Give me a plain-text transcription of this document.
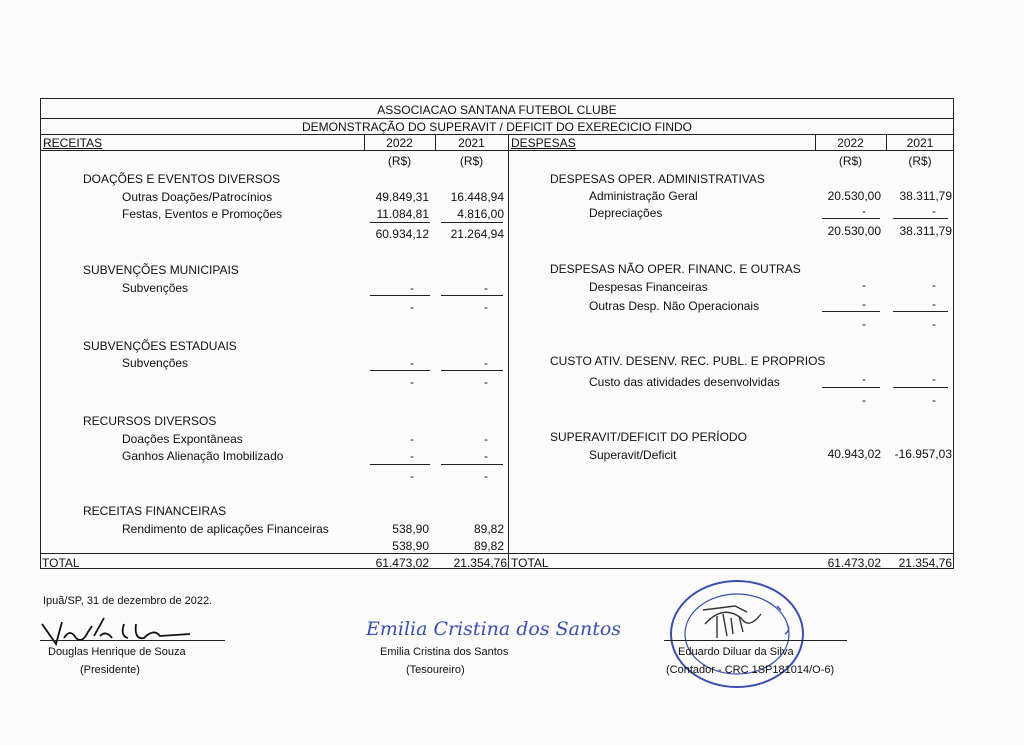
ASSOCIACAO SANTANA FUTEBOL CLUBE
DEMONSTRAÇÃO DO SUPERAVIT / DEFICIT DO EXERECICIO FINDO
RECEITAS	2022	2021
(R$)	(R$)
DOAÇÕES E EVENTOS DIVERSOS
Outras Doações/Patrocínios	49.849,31 16.448,94
Festas, Eventos e Promoções	11.084,81 4.816,00
60.934,12 21.264,94
SUBVENÇÕES MUNICIPAIS
Subvenções	-	-
-	-
SUBVENÇÕES ESTADUAIS
Subvenções	-	-
-	-
RECURSOS DIVERSOS
Doações Expontâneas	-	-
Ganhos Alienação Imobilizado	-	-
-	-
RECEITAS FINANCEIRAS
Rendimento de aplicações Financeiras	538,90	89,82
538,90	89,82
TOTAL	61.473,02 21.354,76
DESPESAS	2022	2021
(R$)	(R$)
DESPESAS OPER. ADMINISTRATIVAS
Administração Geral	20.530,00 38.311,79
Depreciações	-	-
20.530,00 38.311,79
DESPESAS NÃO OPER. FINANC. E OUTRAS
Despesas Financeiras	-	-
Outras Desp. Não Operacionais	-	-
-	-
CUSTO ATIV. DESENV. REC. PUBL. E PROPRIOS
Custo das atividades desenvolvidas	-	-
-	-
SUPERAVIT/DEFICIT DO PERÍODO
Superavit/Deficit	40.943,02 -16.957,03
TOTAL	61.473,02 21.354,76
Ipuã/SP, 31 de dezembro de 2022.
Douglas Henrique de Souza
(Presidente)
Emilia Cristina dos Santos
Emilia Cristina dos Santos
(Tesoureiro)
Eduardo Diluar da Silva
(Contador - CRC 1SP181014/O-6)
